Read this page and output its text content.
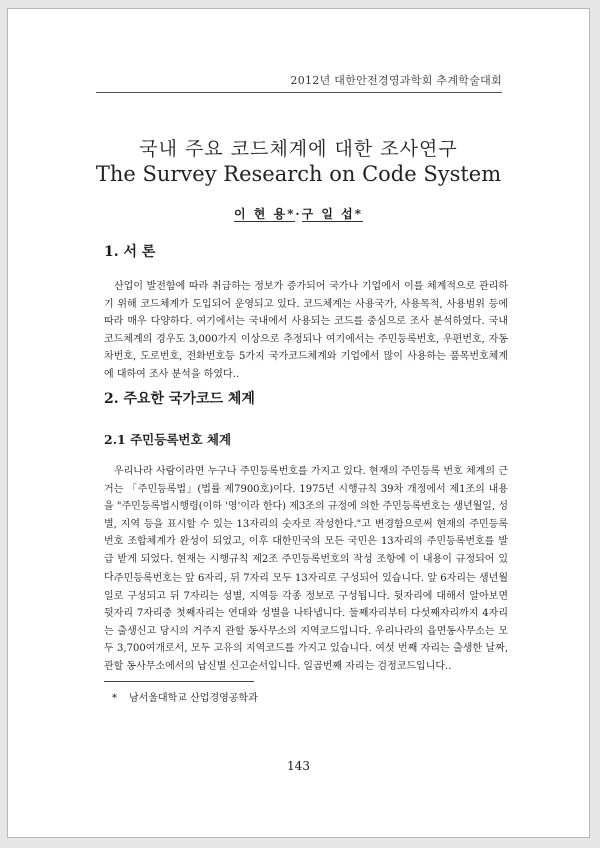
2012년 대한안전경영과학회 추계학술대회
국내 주요 코드체계에 대한 조사연구
The Survey Research on Code System
이 현 용*·구 일 섭*
1. 서 론

산업이 발전함에 따라 취급하는 정보가 증가되어 국가나 기업에서 이를 체계적으로 관리하기 위해 코드체계가 도입되어 운영되고 있다. 코드체계는 사용국가, 사용목적, 사용범위 등에 따라 매우 다양하다. 여기에서는 국내에서 사용되는 코드를 중심으로 조사 분석하였다. 국내 코드체계의 경우도 3,000가지 이상으로 추정되나 여기에서는 주민등록번호, 우편번호, 자동차번호, 도로번호, 전화번호등 5가지 국가코드체계와 기업에서 많이 사용하는 품목번호체계에 대하여 조사 분석을 하였다..

2. 주요한 국가코드 체계
2.1 주민등록번호 체계

우리나라 사람이라면 누구나 주민등록번호를 가지고 있다. 현재의 주민등록 번호 체계의 근거는 「주민등록법」(법률 제7900호)이다. 1975년 시행규칙 39차 개정에서 제1조의 내용을 "주민등록법시행령(이하 '영'이라 한다) 제3조의 규정에 의한 주민등록번호는 생년월일, 성별, 지역 등을 표시할 수 있는 13자리의 숫자로 작성한다."고 변경함으로써 현재의 주민등록번호 조합체계가 완성이 되었고, 이후 대한민국의 모든 국민은 13자리의 주민등록번호를 발급 받게 되었다. 현재는 시행규칙 제2조 주민등록번호의 작성 조항에 이 내용이 규정되어 있다.

주민등록번호는 앞 6자리, 뒤 7자리 모두 13자리로 구성되어 있습니다. 앞 6자리는 생년월일로 구성되고 뒤 7자리는 성별, 지역등 각종 정보로 구성됩니다. 뒷자리에 대해서 알아보면 뒷자리 7자리중 첫째자리는 연대와 성별을 나타냅니다. 둘째자리부터 다섯째자리까지 4자리는 출생신고 당시의 거주지 관할 동사무소의 지역코드입니다. 우리나라의 읍면동사무소는 모두 3,700여개로서, 모두 고유의 지역코드를 가지고 있습니다. 여섯 번째 자리는 출생한 날짜, 관할 동사무소에서의 납신별 신고순서입니다. 일곱번째 자리는 검정코드입니다..

* 남서울대학교 산업경영공학과
143
